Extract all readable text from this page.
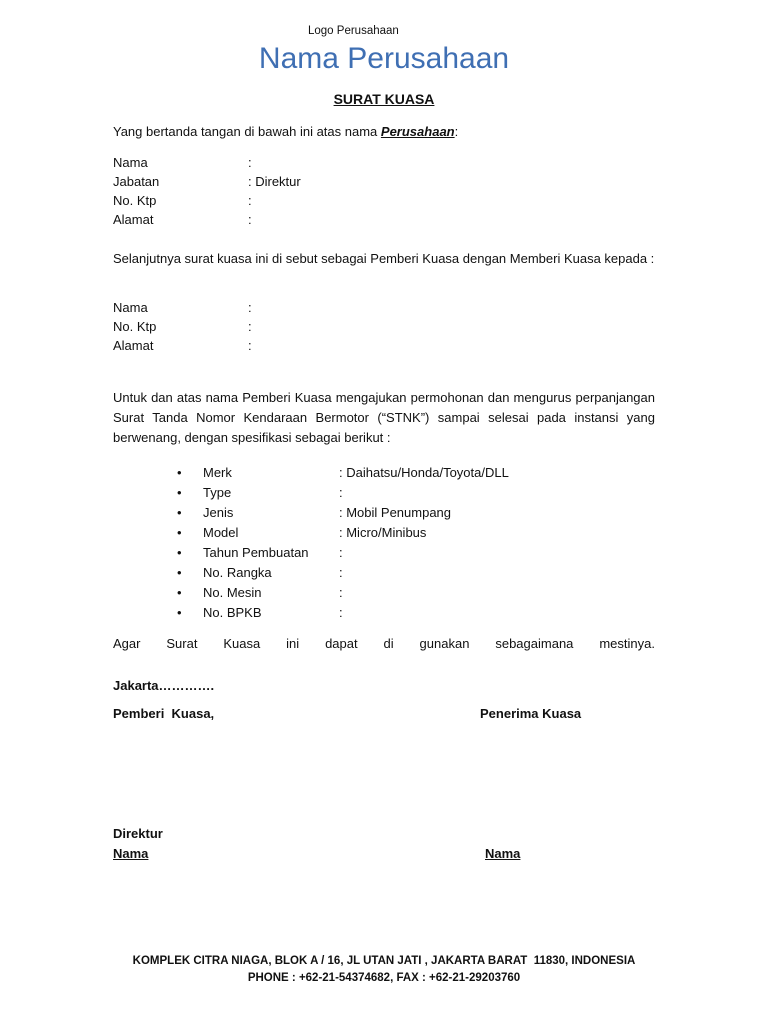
Logo Perusahaan
Nama Perusahaan
SURAT KUASA
Yang bertanda tangan di bawah ini atas nama Perusahaan:
Nama	:
Jabatan	: Direktur
No. Ktp	:
Alamat	:
Selanjutnya surat kuasa ini di sebut sebagai Pemberi Kuasa dengan Memberi Kuasa kepada :
Nama	:
No. Ktp	:
Alamat	:
Untuk dan atas nama Pemberi Kuasa mengajukan permohonan dan mengurus perpanjangan Surat Tanda Nomor Kendaraan Bermotor (“STNK”) sampai selesai pada instansi yang berwenang, dengan spesifikasi sebagai berikut :
• Merk	: Daihatsu/Honda/Toyota/DLL
• Type	:
• Jenis	: Mobil Penumpang
• Model	: Micro/Minibus
• Tahun Pembuatan :
• No. Rangka	:
• No. Mesin	:
• No. BPKB	:
Agar Surat Kuasa ini dapat di gunakan sebagaimana mestinya.
Jakarta………….
Pemberi  Kuasa,	Penerima Kuasa
Direktur
Nama	Nama
KOMPLEK CITRA NIAGA, BLOK A / 16, JL UTAN JATI , JAKARTA BARAT  11830, INDONESIA
PHONE : +62-21-54374682, FAX : +62-21-29203760
